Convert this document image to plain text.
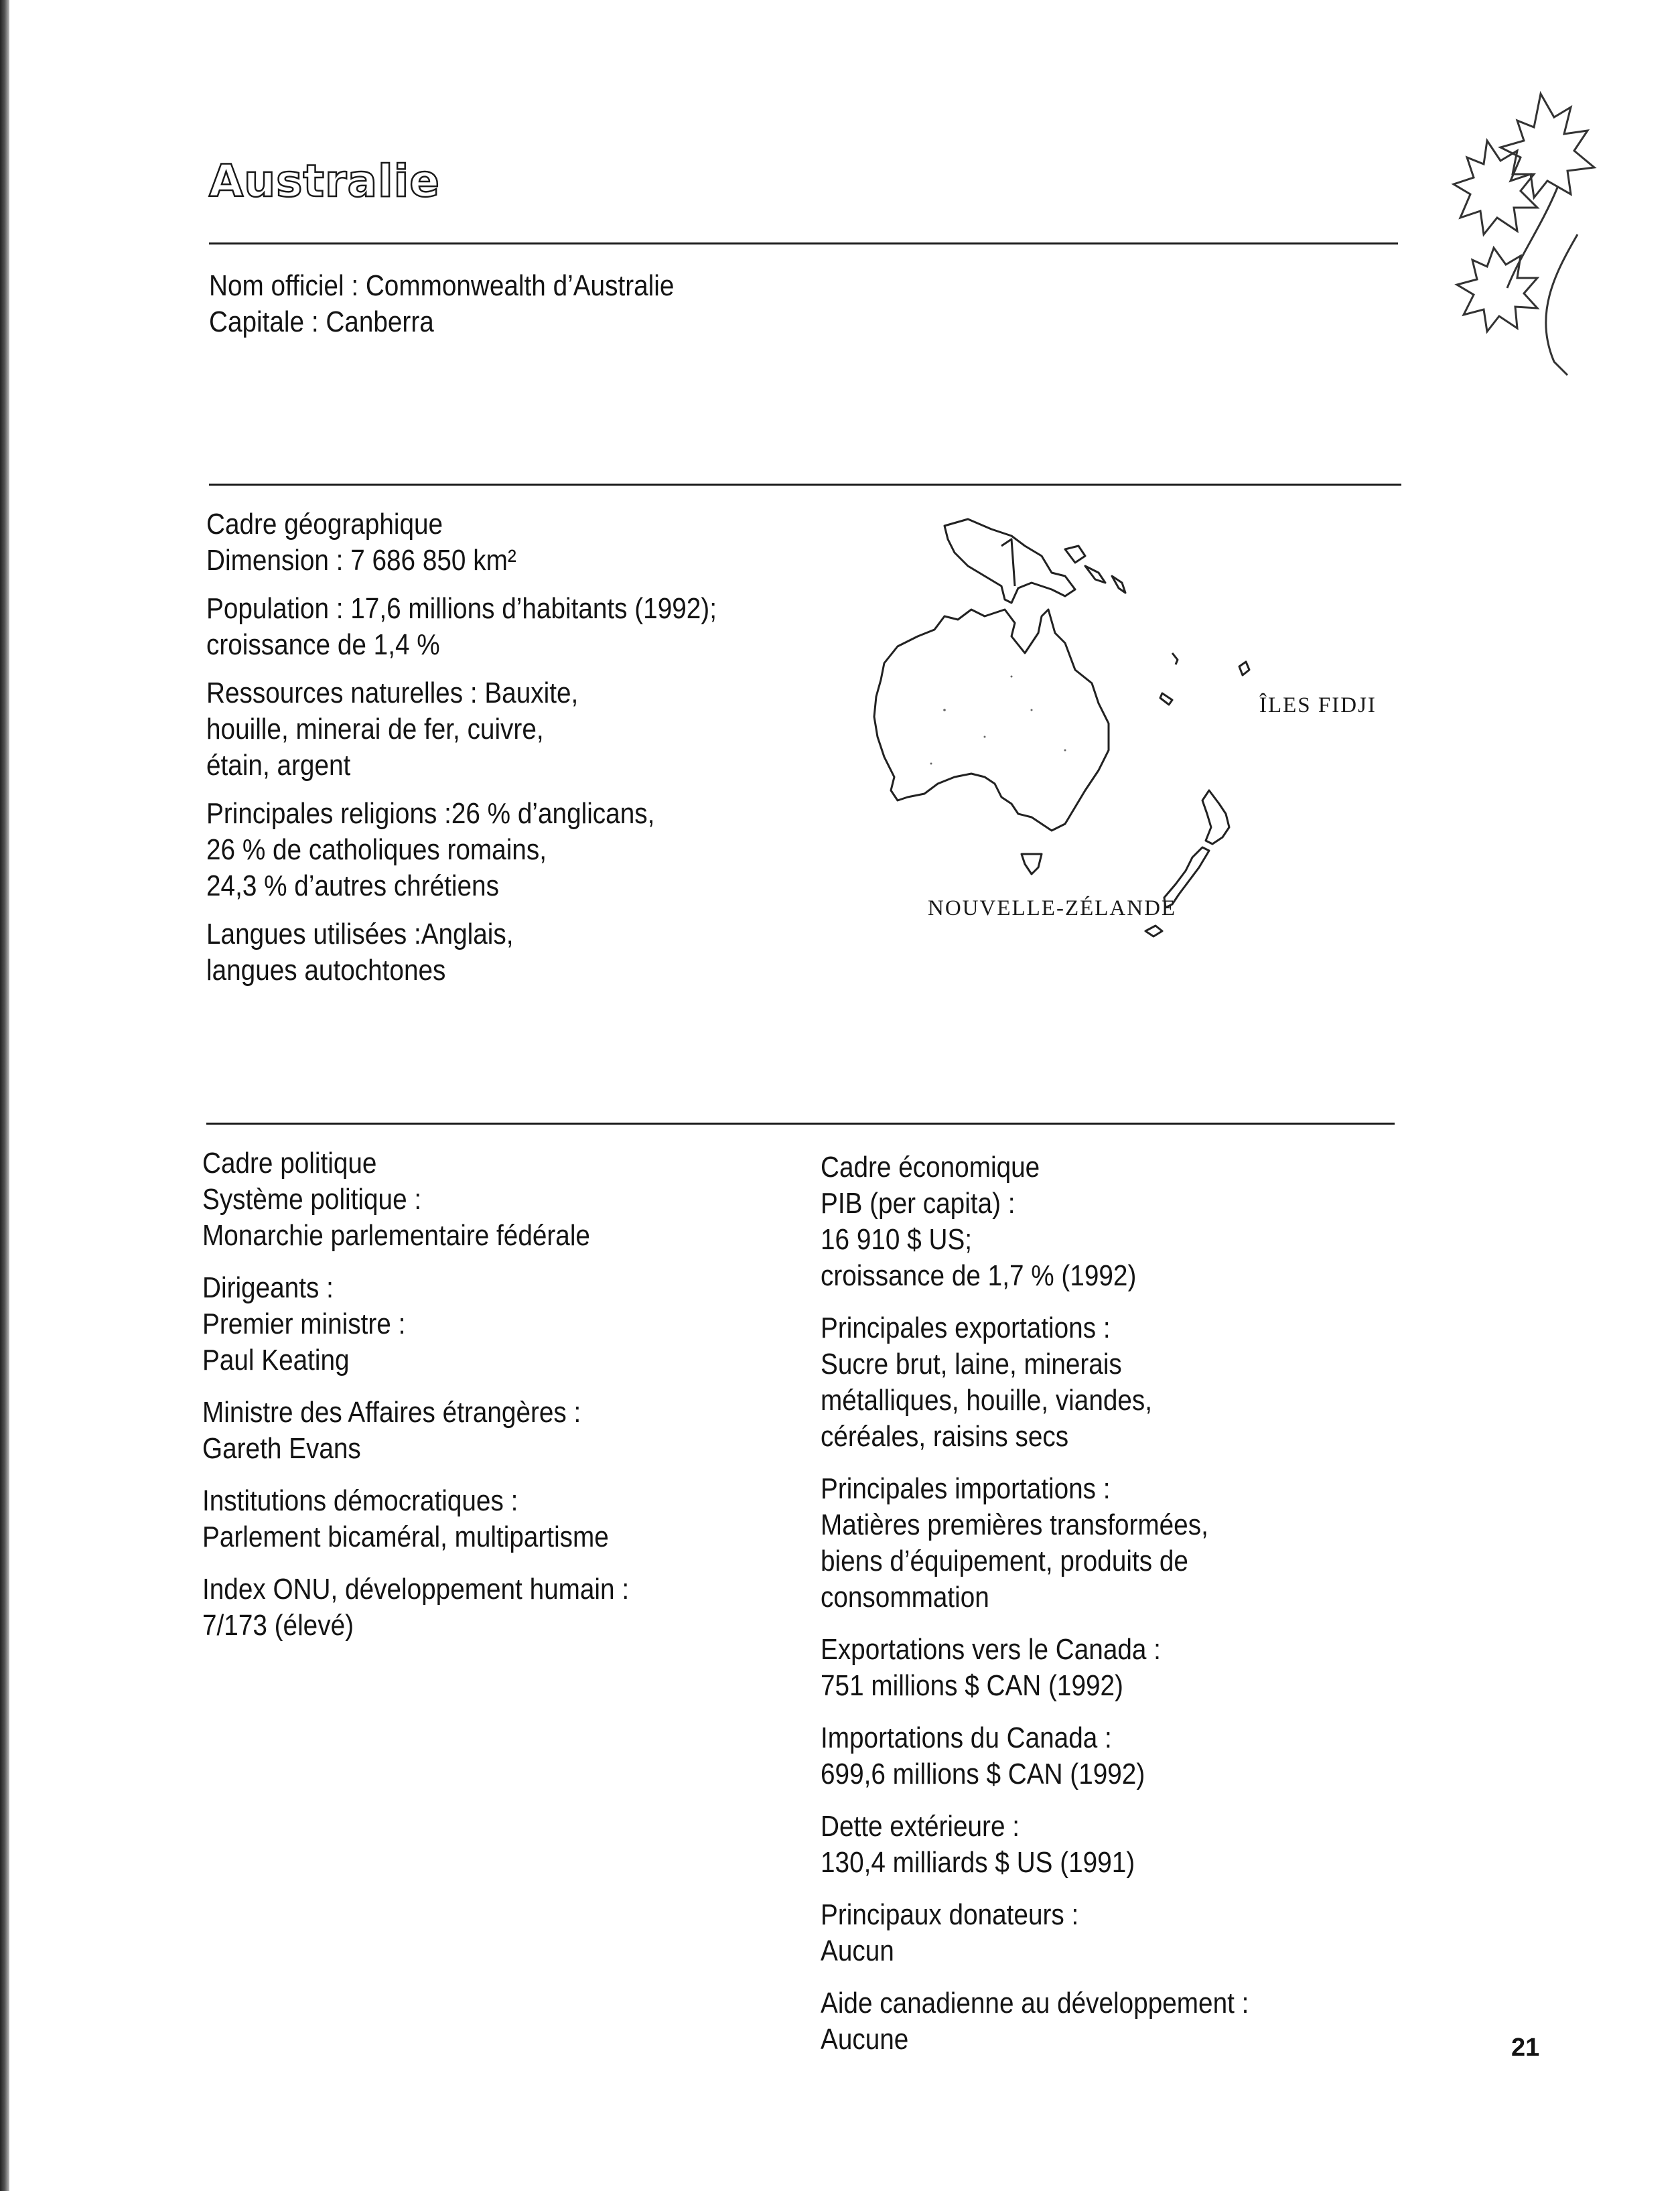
Australie
Nom officiel : Commonwealth d’Australie
Capitale : Canberra
Cadre géographique
Dimension : 7 686 850 km²
Population : 17,6 millions d’habitants (1992);
croissance de 1,4 %
Ressources naturelles : Bauxite,
houille, minerai de fer, cuivre,
étain, argent
Principales religions :26 % d’anglicans,
26 % de catholiques romains,
24,3 % d’autres chrétiens
Langues utilisées :Anglais,
langues autochtones
ÎLES FIDJI
NOUVELLE-ZÉLANDE
Cadre politique
Système politique :
Monarchie parlementaire fédérale
Dirigeants :
Premier ministre :
Paul Keating
Ministre des Affaires étrangères :
Gareth Evans
Institutions démocratiques :
Parlement bicaméral, multipartisme
Index ONU, développement humain :
7/173 (élevé)
Cadre économique
PIB (per capita) :
16 910 $ US;
croissance de 1,7 % (1992)
Principales exportations :
Sucre brut, laine, minerais
métalliques, houille, viandes,
céréales, raisins secs
Principales importations :
Matières premières transformées,
biens d’équipement, produits de
consommation
Exportations vers le Canada :
751 millions $ CAN (1992)
Importations du Canada :
699,6 millions $ CAN (1992)
Dette extérieure :
130,4 milliards $ US (1991)
Principaux donateurs :
Aucun
Aide canadienne au développement :
Aucune	21
